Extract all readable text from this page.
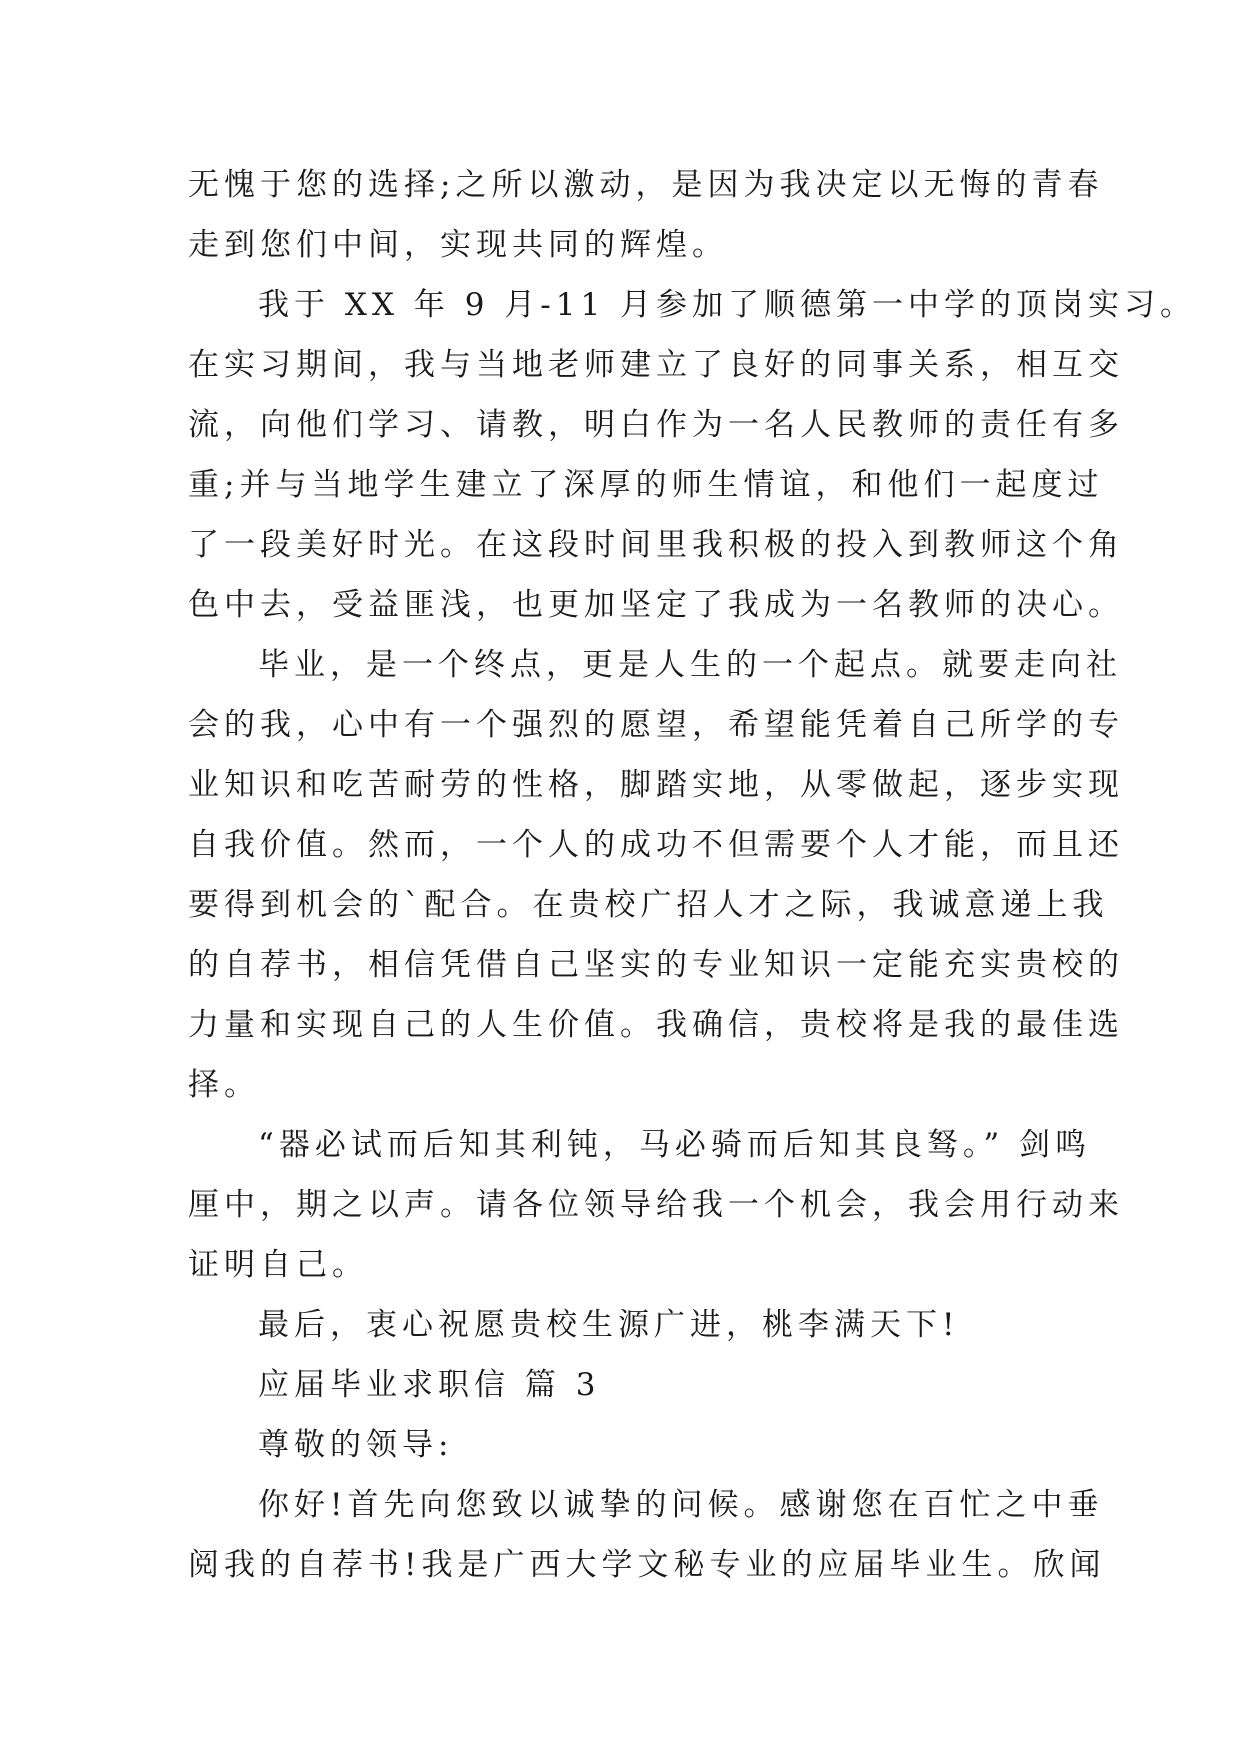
无愧于您的选择;之所以激动，是因为我决定以无悔的青春
走到您们中间，实现共同的辉煌。
我于 XX 年 9 月-11 月参加了顺德第一中学的顶岗实习。
在实习期间，我与当地老师建立了良好的同事关系，相互交
流，向他们学习、请教，明白作为一名人民教师的责任有多
重;并与当地学生建立了深厚的师生情谊，和他们一起度过
了一段美好时光。在这段时间里我积极的投入到教师这个角
色中去，受益匪浅，也更加坚定了我成为一名教师的决心。
毕业，是一个终点，更是人生的一个起点。就要走向社
会的我，心中有一个强烈的愿望，希望能凭着自己所学的专
业知识和吃苦耐劳的性格，脚踏实地，从零做起，逐步实现
自我价值。然而，一个人的成功不但需要个人才能，而且还
要得到机会的`配合。在贵校广招人才之际，我诚意递上我
的自荐书，相信凭借自己坚实的专业知识一定能充实贵校的
力量和实现自己的人生价值。我确信，贵校将是我的最佳选
择。
“器必试而后知其利钝，马必骑而后知其良驽。” 剑鸣
厘中，期之以声。请各位领导给我一个机会，我会用行动来
证明自己。
最后，衷心祝愿贵校生源广进，桃李满天下!
应届毕业求职信 篇 3
尊敬的领导:
你好!首先向您致以诚挚的问候。感谢您在百忙之中垂
阅我的自荐书!我是广西大学文秘专业的应届毕业生。欣闻
